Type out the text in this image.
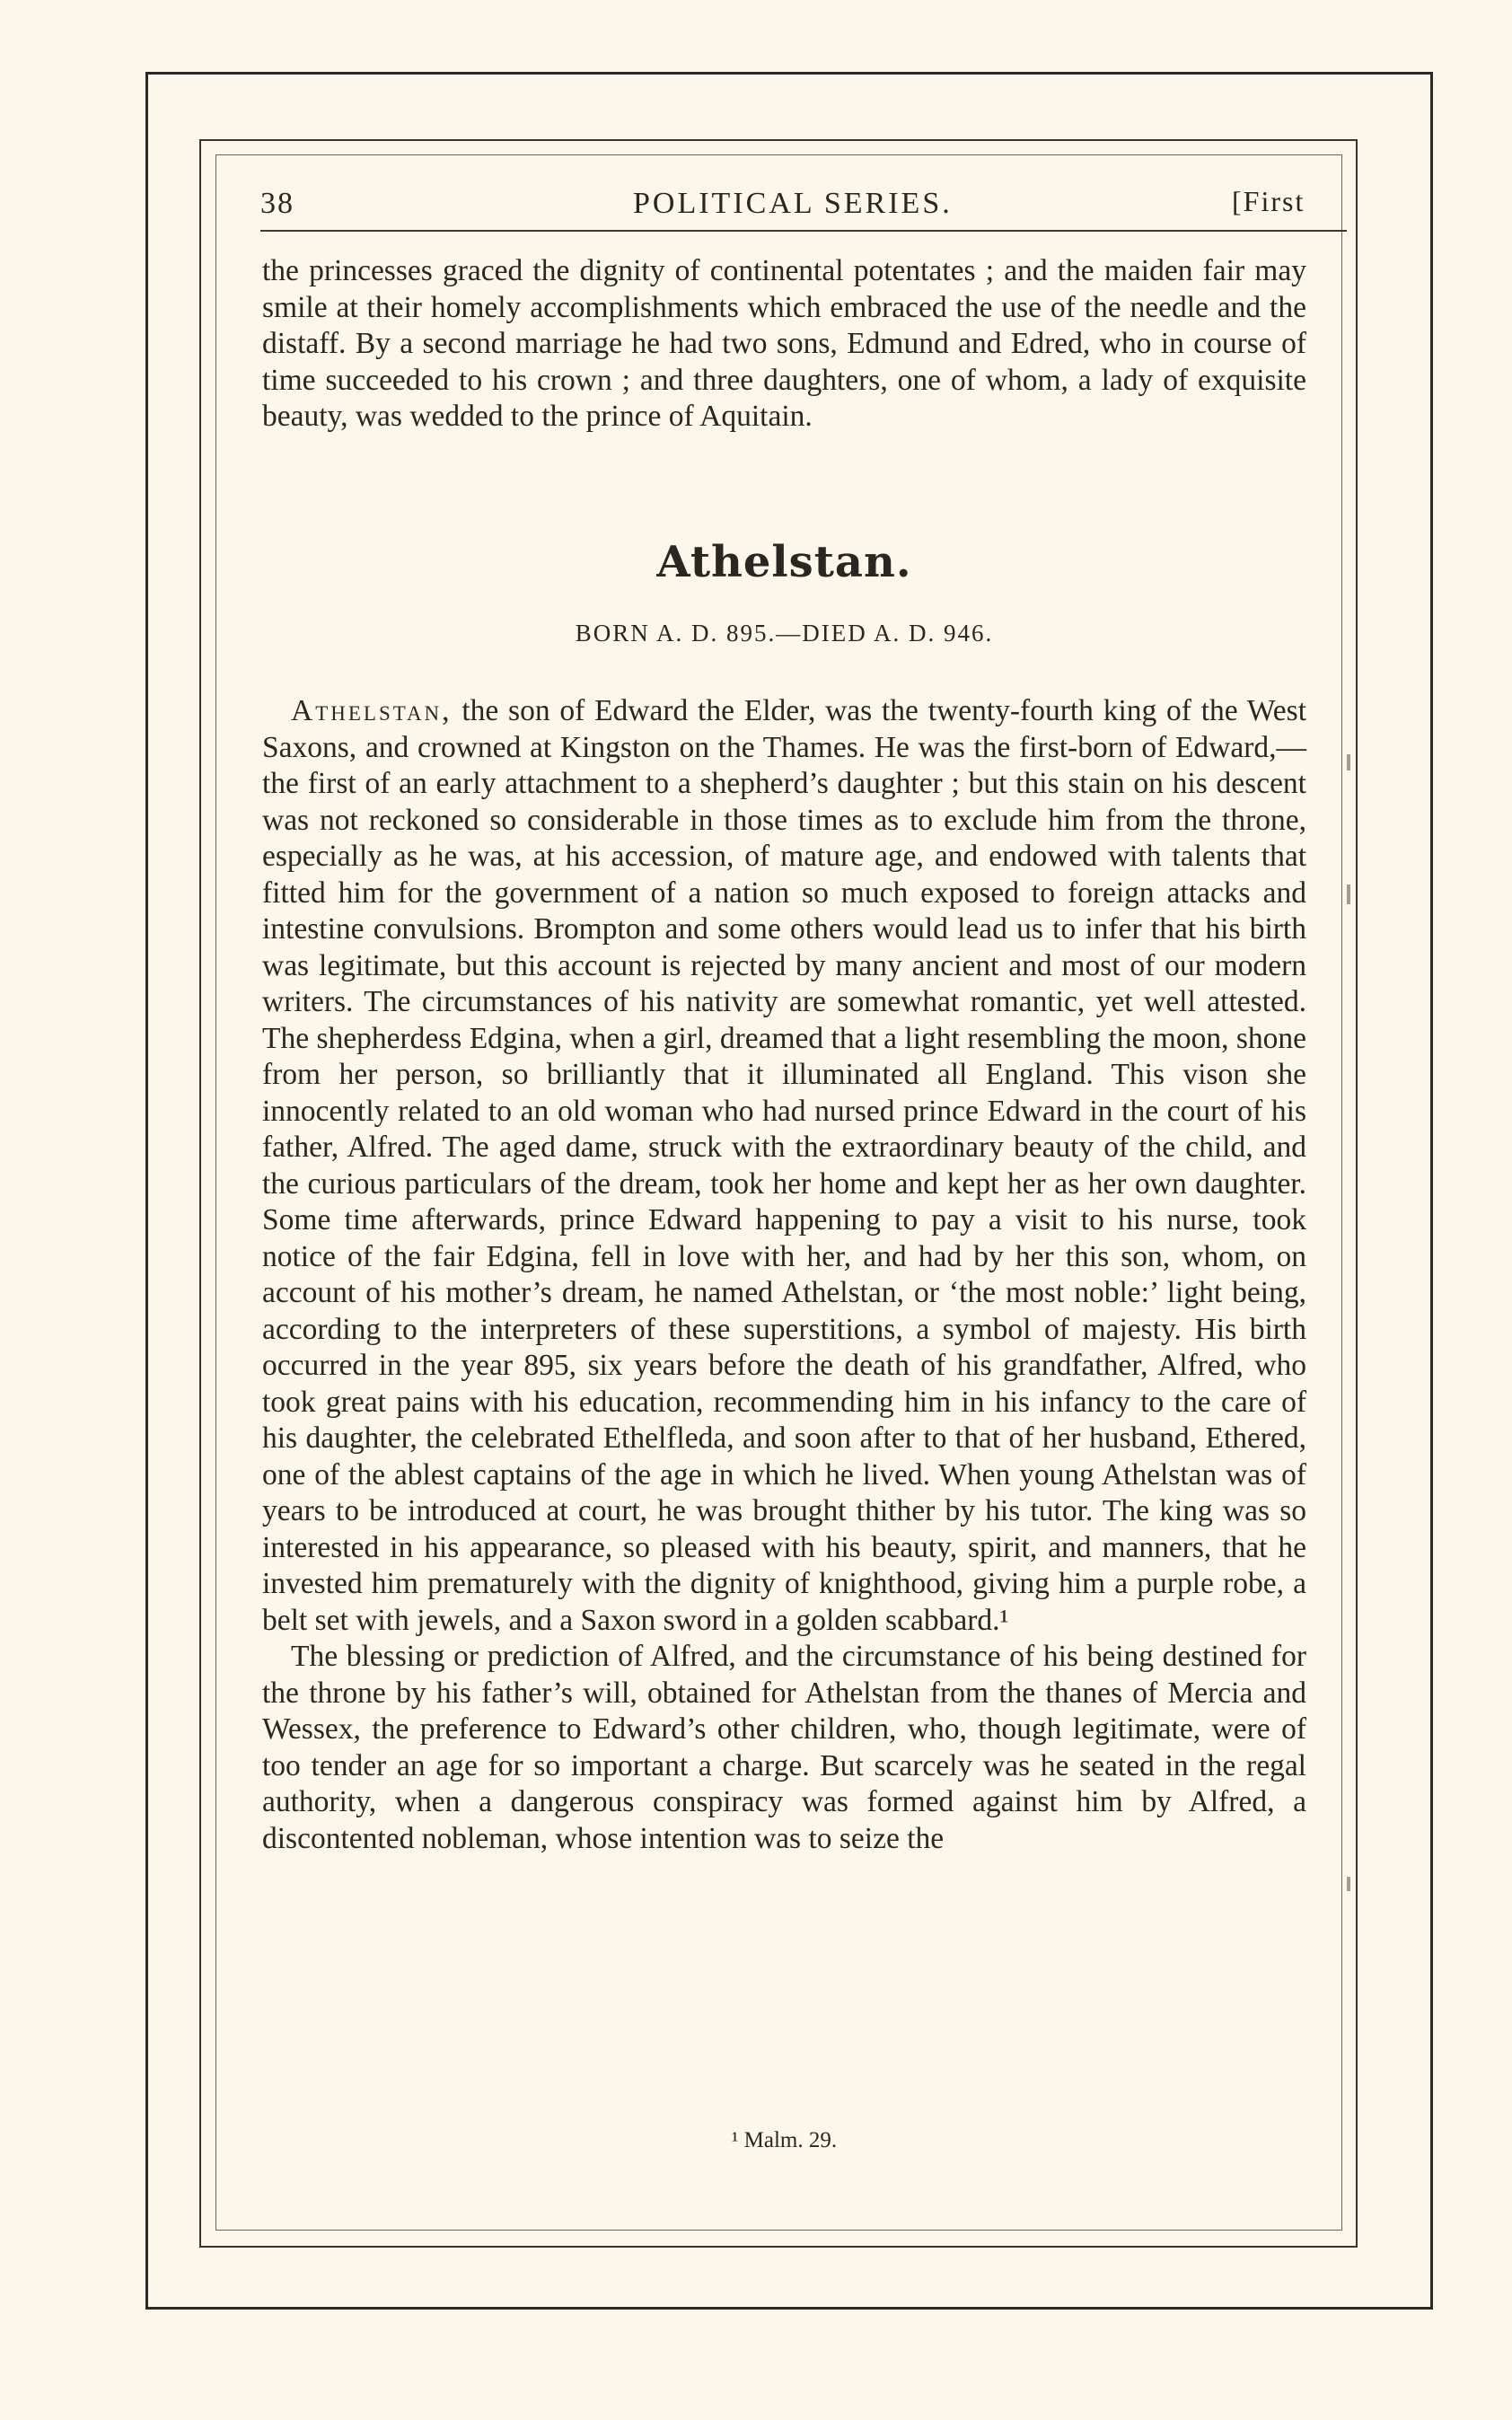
38	POLITICAL SERIES.	[First

the princesses graced the dignity of continental potentates ; and the maiden fair may smile at their homely accomplishments which embraced the use of the needle and the distaff. By a second marriage he had two sons, Edmund and Edred, who in course of time succeeded to his crown ; and three daughters, one of whom, a lady of exquisite beauty, was wedded to the prince of Aquitain.

Athelstan.
BORN A. D. 895.—DIED A. D. 946.

Athelstan, the son of Edward the Elder, was the twenty-fourth king of the West Saxons, and crowned at Kingston on the Thames. He was the first-born of Edward,—the first of an early attachment to a shepherd’s daughter ; but this stain on his descent was not reckoned so considerable in those times as to exclude him from the throne, especially as he was, at his accession, of mature age, and endowed with talents that fitted him for the government of a nation so much exposed to foreign attacks and intestine convulsions. Brompton and some others would lead us to infer that his birth was legitimate, but this account is rejected by many ancient and most of our modern writers. The circumstances of his nativity are somewhat romantic, yet well attested. The shepherdess Edgina, when a girl, dreamed that a light resembling the moon, shone from her person, so brilliantly that it illuminated all England. This vison she innocently related to an old woman who had nursed prince Edward in the court of his father, Alfred. The aged dame, struck with the extraordinary beauty of the child, and the curious particulars of the dream, took her home and kept her as her own daughter. Some time afterwards, prince Edward happening to pay a visit to his nurse, took notice of the fair Edgina, fell in love with her, and had by her this son, whom, on account of his mother’s dream, he named Athelstan, or ‘the most noble:’ light being, according to the interpreters of these superstitions, a symbol of majesty. His birth occurred in the year 895, six years before the death of his grandfather, Alfred, who took great pains with his education, recommending him in his infancy to the care of his daughter, the celebrated Ethelfleda, and soon after to that of her husband, Ethered, one of the ablest captains of the age in which he lived. When young Athelstan was of years to be introduced at court, he was brought thither by his tutor. The king was so interested in his appearance, so pleased with his beauty, spirit, and manners, that he invested him prematurely with the dignity of knighthood, giving him a purple robe, a belt set with jewels, and a Saxon sword in a golden scabbard.¹

The blessing or prediction of Alfred, and the circumstance of his being destined for the throne by his father’s will, obtained for Athelstan from the thanes of Mercia and Wessex, the preference to Edward’s other children, who, though legitimate, were of too tender an age for so important a charge. But scarcely was he seated in the regal authority, when a dangerous conspiracy was formed against him by Alfred, a discontented nobleman, whose intention was to seize the

¹ Malm. 29.
